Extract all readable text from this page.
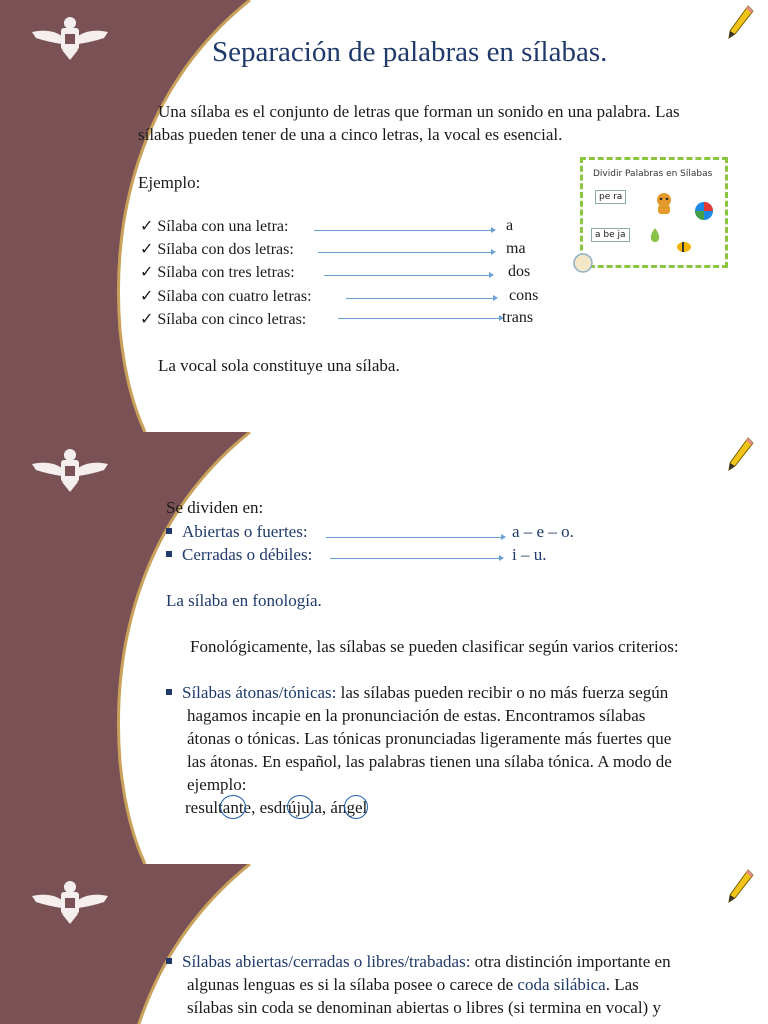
Separación de palabras en sílabas.
Una sílaba es el conjunto de letras que forman un sonido en una palabra. Las
sílabas pueden tener de una a cinco letras, la vocal es esencial.
Ejemplo:
✓ Sílaba con una letra:	a
✓ Sílaba con dos letras:	ma
✓ Sílaba con tres letras:	dos
✓ Sílaba con cuatro letras:	cons
✓ Sílaba con cinco letras:	trans
La vocal sola constituye una sílaba.
Dividir Palabras en Sílabas
pe ra
a be ja
Se dividen en:
Abiertas o fuertes:	a – e – o.
Cerradas o débiles:	i – u.
La sílaba en fonología.
Fonológicamente, las sílabas se pueden clasificar según varios criterios:
Sílabas átonas/tónicas: las sílabas pueden recibir o no más fuerza según
hagamos incapie en la pronunciación de estas. Encontramos sílabas
átonas o tónicas. Las tónicas pronunciadas ligeramente más fuertes que
las átonas. En español, las palabras tienen una sílaba tónica. A modo de
ejemplo:
resultante, esdrújula, ángel
Sílabas abiertas/cerradas o libres/trabadas: otra distinción importante en
algunas lenguas es si la sílaba posee o carece de coda silábica. Las
sílabas sin coda se denominan abiertas o libres (si termina en vocal) y
